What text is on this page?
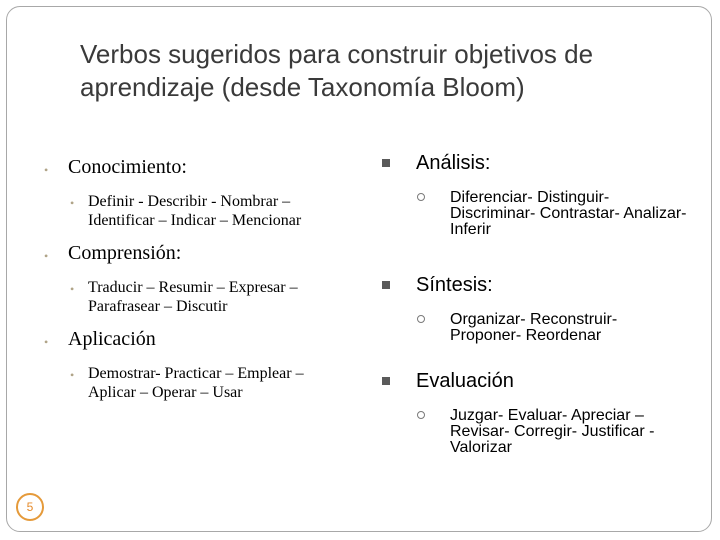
Verbos sugeridos para construir objetivos de aprendizaje (desde Taxonomía Bloom)
​• Conocimiento:
• Definir - Describir - Nombrar – Identificar – Indicar – Mencionar
• Comprensión:
• Traducir – Resumir – Expresar – Parafrasear – Discutir
• Aplicación
• Demostrar- Practicar – Emplear – Aplicar – Operar – Usar
Análisis:
Diferenciar- Distinguir- Discriminar- Contrastar- Analizar- Inferir
Síntesis:
Organizar- Reconstruir- Proponer- Reordenar
Evaluación
Juzgar- Evaluar- Apreciar – Revisar- Corregir- Justificar - Valorizar
5
